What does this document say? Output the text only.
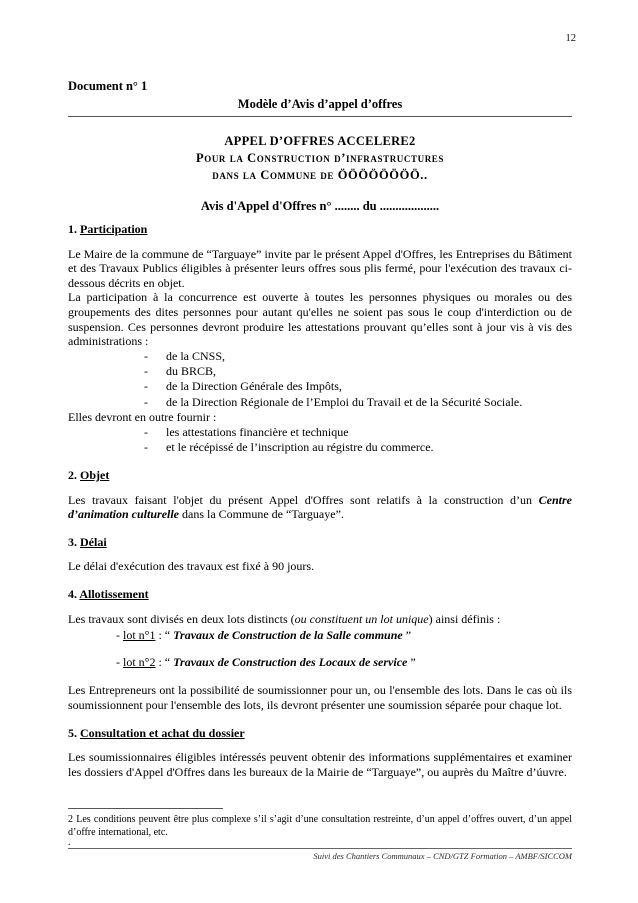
12
Document n° 1
Modèle d’Avis d’appel d’offres
APPEL D’OFFRES ACCELERE2
Pour la Construction d’infrastructures
dans la Commune de ÖÖÖÖÖÖÖÖ..
Avis d'Appel d'Offres n° ........ du ...................
1. Participation

Le Maire de la commune de “Targuaye” invite par le présent Appel d'Offres, les Entreprises du Bâtiment et des Travaux Publics éligibles à présenter leurs offres sous plis fermé, pour l'exécution des travaux ci-dessous décrits en objet.

La participation à la concurrence est ouverte à toutes les personnes physiques ou morales ou des groupements des dites personnes pour autant qu'elles ne soient pas sous le coup d'interdiction ou de suspension. Ces personnes devront produire les attestations prouvant qu’elles sont à jour vis à vis des administrations :

- de la CNSS,
- du BRCB,
- de la Direction Générale des Impôts,
- de la Direction Régionale de l’Emploi du Travail et de la Sécurité Sociale.

Elles devront en outre fournir :

- les attestations financière et technique
- et le récépissé de l’inscription au régistre du commerce.
2. Objet

Les travaux faisant l'objet du présent Appel d'Offres sont relatifs à la construction d’un Centre d’animation culturelle dans la Commune de “Targuaye”.

3. Délai

Le délai d'exécution des travaux est fixé à 90 jours.

4. Allotissement

Les travaux sont divisés en deux lots distincts (ou constituent un lot unique) ainsi définis :

- lot n°1 : “ Travaux de Construction de la Salle commune ”

- lot n°2 : “ Travaux de Construction des Locaux de service ”

Les Entrepreneurs ont la possibilité de soumissionner pour un, ou l'ensemble des lots. Dans le cas où ils soumissionnent pour l'ensemble des lots, ils devront présenter une soumission séparée pour chaque lot.

5. Consultation et achat du dossier

Les soumissionnaires éligibles intéressés peuvent obtenir des informations supplémentaires et examiner les dossiers d'Appel d'Offres dans les bureaux de la Mairie de “Targuaye”, ou auprès du Maître d’úuvre.

2 Les conditions peuvent être plus complexe s’il s’agit d’une consultation restreinte, d’un appel d’offres ouvert, d’un appel d’offre international, etc.

.

Suivi des Chantiers Communaux – CND/GTZ Formation – AMBF/SICCOM
